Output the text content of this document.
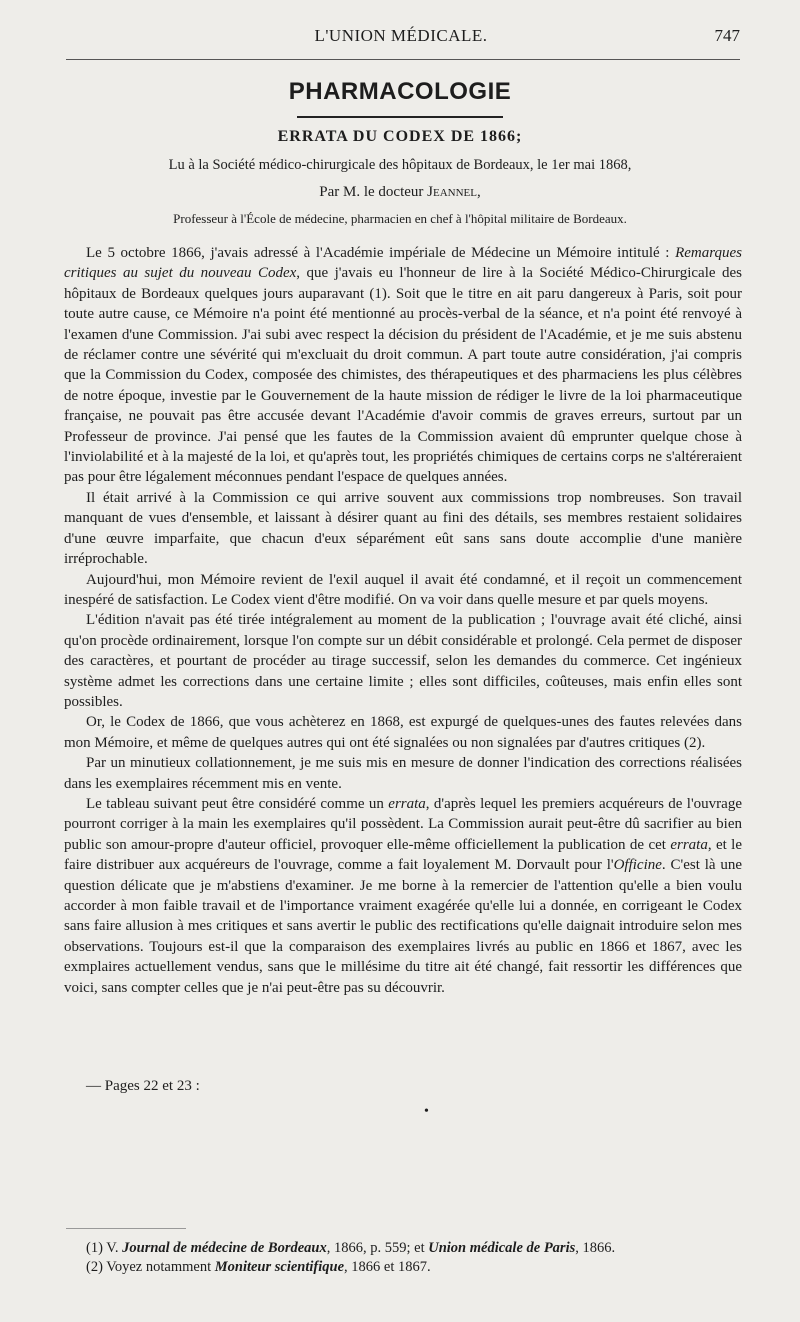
L'UNION MÉDICALE.	747
PHARMACOLOGIE
ERRATA DU CODEX DE 1866;
Lu à la Société médico-chirurgicale des hôpitaux de Bordeaux, le 1er mai 1868,
Par M. le docteur Jeannel,
Professeur à l'École de médecine, pharmacien en chef à l'hôpital militaire de Bordeaux.

Le 5 octobre 1866, j'avais adressé à l'Académie impériale de Médecine un Mémoire intitulé : Remarques critiques au sujet du nouveau Codex, que j'avais eu l'honneur de lire à la Société Médico-Chirurgicale des hôpitaux de Bordeaux quelques jours auparavant (1). Soit que le titre en ait paru dangereux à Paris, soit pour toute autre cause, ce Mémoire n'a point été mentionné au procès-verbal de la séance, et n'a point été renvoyé à l'examen d'une Commission. J'ai subi avec respect la décision du président de l'Académie, et je me suis abstenu de réclamer contre une sévérité qui m'excluait du droit commun. A part toute autre considération, j'ai compris que la Commission du Codex, composée des chimistes, des thérapeutiques et des pharmaciens les plus célèbres de notre époque, investie par le Gouvernement de la haute mission de rédiger le livre de la loi pharmaceutique française, ne pouvait pas être accusée devant l'Académie d'avoir commis de graves erreurs, surtout par un Professeur de province. J'ai pensé que les fautes de la Commission avaient dû emprunter quelque chose à l'inviolabilité et à la majesté de la loi, et qu'après tout, les propriétés chimiques de certains corps ne s'altéreraient pas pour être légalement méconnues pendant l'espace de quelques années.

Il était arrivé à la Commission ce qui arrive souvent aux commissions trop nombreuses. Son travail manquant de vues d'ensemble, et laissant à désirer quant au fini des détails, ses membres restaient solidaires d'une œuvre imparfaite, que chacun d'eux séparément eût sans sans doute accomplie d'une manière irréprochable.

Aujourd'hui, mon Mémoire revient de l'exil auquel il avait été condamné, et il reçoit un commencement inespéré de satisfaction. Le Codex vient d'être modifié. On va voir dans quelle mesure et par quels moyens.

L'édition n'avait pas été tirée intégralement au moment de la publication ; l'ouvrage avait été cliché, ainsi qu'on procède ordinairement, lorsque l'on compte sur un débit considérable et prolongé. Cela permet de disposer des caractères, et pourtant de procéder au tirage successif, selon les demandes du commerce. Cet ingénieux système admet les corrections dans une certaine limite ; elles sont difficiles, coûteuses, mais enfin elles sont possibles.

Or, le Codex de 1866, que vous achèterez en 1868, est expurgé de quelques-unes des fautes relevées dans mon Mémoire, et même de quelques autres qui ont été signalées ou non signalées par d'autres critiques (2).

Par un minutieux collationnement, je me suis mis en mesure de donner l'indication des corrections réalisées dans les exemplaires récemment mis en vente.

Le tableau suivant peut être considéré comme un errata, d'après lequel les premiers acquéreurs de l'ouvrage pourront corriger à la main les exemplaires qu'il possèdent. La Commission aurait peut-être dû sacrifier au bien public son amour-propre d'auteur officiel, provoquer elle-même officiellement la publication de cet errata, et le faire distribuer aux acquéreurs de l'ouvrage, comme a fait loyalement M. Dorvault pour l'Officine. C'est là une question délicate que je m'abstiens d'examiner. Je me borne à la remercier de l'attention qu'elle a bien voulu accorder à mon faible travail et de l'importance vraiment exagérée qu'elle lui a donnée, en corrigeant le Codex sans faire allusion à mes critiques et sans avertir le public des rectifications qu'elle daignait introduire selon mes observations. Toujours est-il que la comparaison des exemplaires livrés au public en 1866 et 1867, avec les exmplaires actuellement vendus, sans que le millésime du titre ait été changé, fait ressortir les différences que voici, sans compter celles que je n'ai peut-être pas su découvrir.

— Pages 22 et 23 :
•
(1) V. Journal de médecine de Bordeaux, 1866, p. 559; et Union médicale de Paris, 1866.
(2) Voyez notamment Moniteur scientifique, 1866 et 1867.
